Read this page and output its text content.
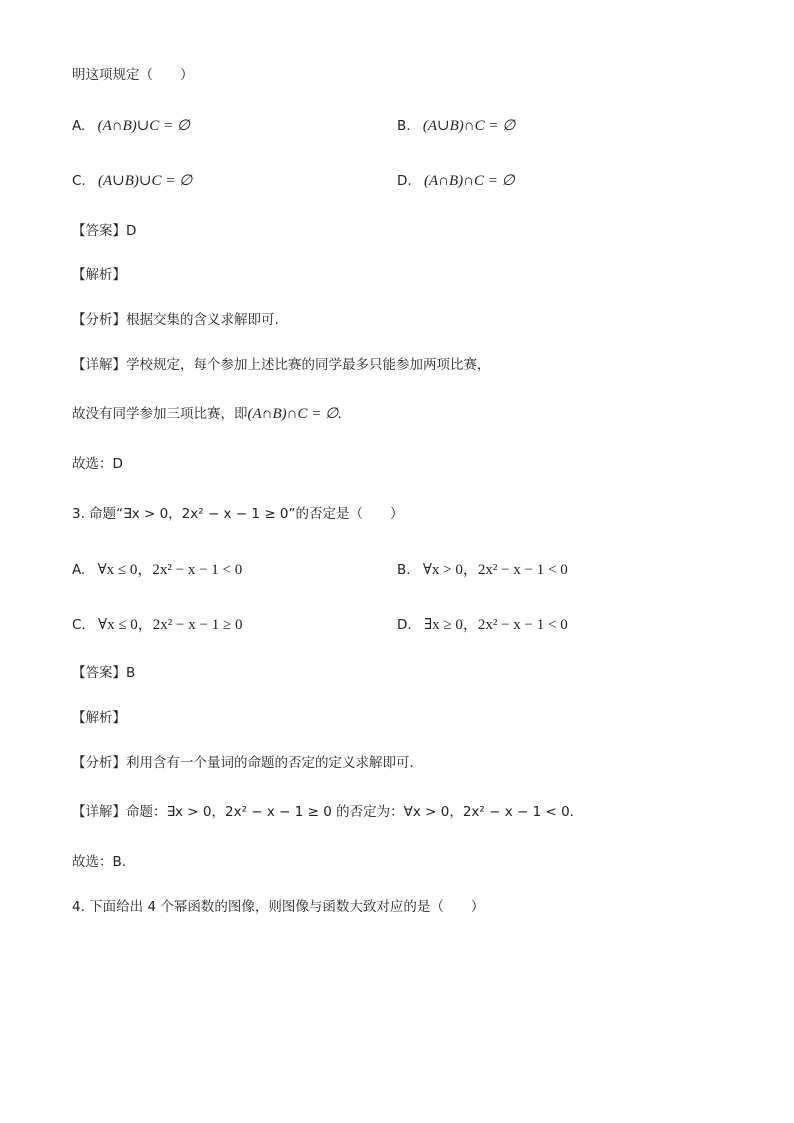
明这项规定（　　）
A. (A∩B)∪C = ∅	B. (A∪B)∩C = ∅
C. (A∪B)∪C = ∅	D. (A∩B)∩C = ∅
【答案】D
【解析】
【分析】根据交集的含义求解即可.
【详解】学校规定，每个参加上述比赛的同学最多只能参加两项比赛，
故没有同学参加三项比赛，即(A∩B)∩C = ∅.
故选：D
3. 命题“∃x > 0，2x² − x − 1 ≥ 0”的否定是（　　）
A. ∀x ≤ 0，2x² − x − 1 < 0	B. ∀x > 0，2x² − x − 1 < 0
C. ∀x ≤ 0，2x² − x − 1 ≥ 0	D. ∃x ≥ 0，2x² − x − 1 < 0
【答案】B
【解析】
【分析】利用含有一个量词的命题的否定的定义求解即可．
【详解】命题：∃x > 0，2x² − x − 1 ≥ 0 的否定为：∀x > 0，2x² − x − 1 < 0.
故选：B.
4. 下面给出 4 个幂函数的图像，则图像与函数大致对应的是（　　）
